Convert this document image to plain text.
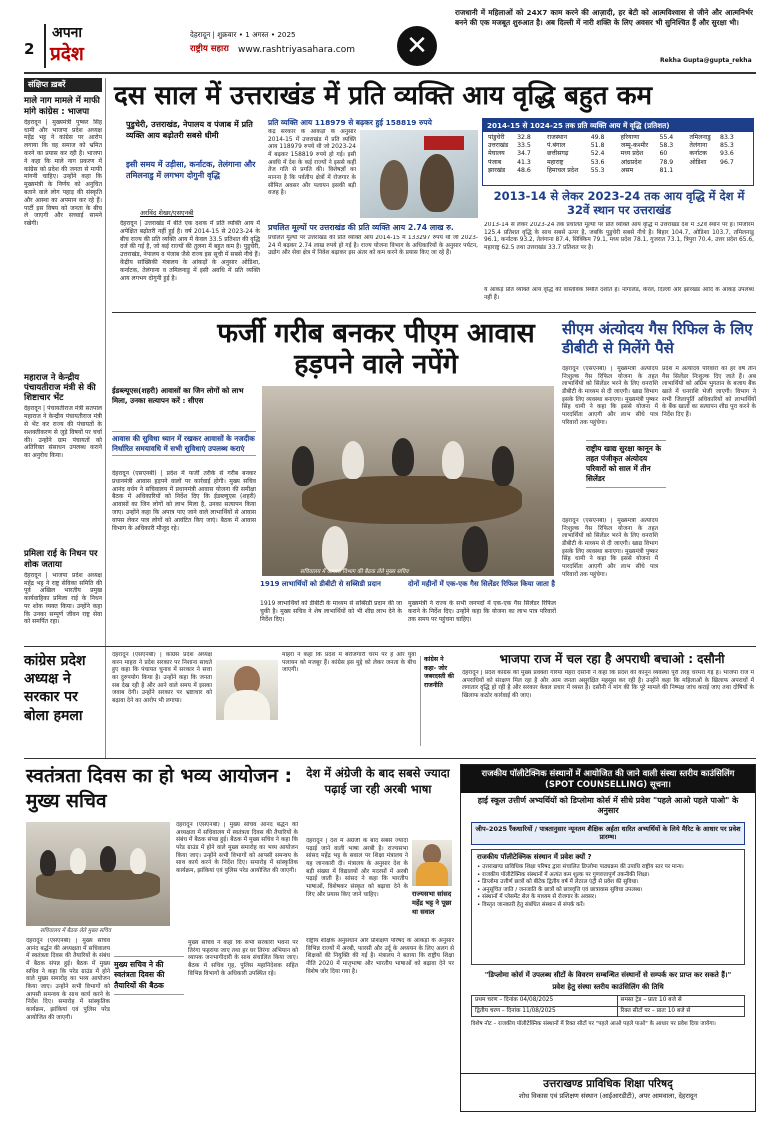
2
अपना
प्रदेश
देहरादून | शुक्रवार • 1 अगस्त • 2025
राष्ट्रीय सहारा www.rashtriyasahara.com	✕
राजधानी में महिलाओं को 24X7 काम करने की आज़ादी, हर बेटी को आत्मविश्वास से जीने और आत्मनिर्भर बनने की एक मजबूत शुरुआत है। अब दिल्ली में नारी शक्ति के लिए अवसर भी सुनिश्चित हैं और सुरक्षा भी।
Rekha Gupta@gupta_rekha
संक्षिप्त ख़बरें
माले नाग मामले में माफी मांगे कांग्रेस : भाजपा
देहरादून | मुख्यमंत्री पुष्कर सिंह धामी और भाजपा प्रदेश अध्यक्ष महेंद्र भट्ट ने कांग्रेस पर आरोप लगाया कि वह समाज को भ्रमित करने का प्रयास कर रही है। भाजपा ने कहा कि माले नाग प्रकरण में कांग्रेस को प्रदेश की जनता से माफी मांगनी चाहिए। उन्होंने कहा कि मुख्यमंत्री के निर्णय को अनुचित बताने वाले लोग पहाड़ की संस्कृति और आस्था का अपमान कर रहे हैं। पार्टी इस विषय को जनता के बीच ले जाएगी और सच्चाई सामने रखेगी।
महाराज ने केन्द्रीय पंचायतीराज मंत्री से की शिष्टाचार भेंट
देहरादून | पंचायतीराज मंत्री सतपाल महाराज ने केन्द्रीय पंचायतीराज मंत्री से भेंट कर राज्य की पंचायतों के सशक्तीकरण से जुड़े विषयों पर चर्चा की। उन्होंने ग्राम पंचायतों को अतिरिक्त संसाधन उपलब्ध कराने का अनुरोध किया।
प्रमिला राई के निधन पर शोक जताया
देहरादून | भाजपा प्रदेश अध्यक्ष महेंद्र भट्ट ने राष्ट्र सेविका समिति की पूर्व अखिल भारतीय प्रमुख कार्यवाहिका प्रमिला राई के निधन पर शोक व्यक्त किया। उन्होंने कहा कि उनका सम्पूर्ण जीवन राष्ट्र सेवा को समर्पित रहा।
दस साल में उत्तराखंड में प्रति व्यक्ति आय वृद्धि बहुत कम
पुडुचेरी, उत्तराखंड, नेपालय व पंजाब में प्रति व्यक्ति आय बढ़ोतरी सबसे धीमी
इसी समय में उड़ीसा, कर्नाटक, तेलंगाना और तमिलनाडु में लगभग दोगुनी वृद्धि
अरविंद शेखर/एसएनबी
देहरादून | उत्तराखंड में बीते एक दशक में प्रति व्यक्ति आय में अपेक्षित बढ़ोतरी नहीं हुई है। वर्ष 2014-15 से 2023-24 के बीच राज्य की प्रति व्यक्ति आय में केवल 33.5 प्रतिशत की वृद्धि दर्ज की गई है, जो कई राज्यों की तुलना में बहुत कम है। पुडुचेरी, उत्तराखंड, नेपालय व पंजाब जैसे राज्य इस सूची में सबसे नीचे हैं। केंद्रीय सांख्यिकी मंत्रालय के आंकड़ों के अनुसार ओडिशा, कर्नाटक, तेलंगाना व तमिलनाडु में इसी अवधि में प्रति व्यक्ति आय लगभग दोगुनी हुई है।
प्रति व्यक्ति आय 118979 से बढ़कर हुई 158819 रुपये
केंद्र सरकार के आंकड़ों के अनुसार 2014-15 में उत्तराखंड में प्रति व्यक्ति आय 118979 रुपये थी जो 2023-24 में बढ़कर 158819 रुपये हो गई। इसी अवधि में देश के कई राज्यों ने इससे कहीं तेज गति से प्रगति की। विशेषज्ञों का मानना है कि पर्वतीय क्षेत्रों में रोजगार के सीमित अवसर और पलायन इसकी बड़ी वजह है।
प्रचलित मूल्यों पर उत्तराखंड की प्रति व्यक्ति आय 2.74 लाख रु.
प्रचलित मूल्यों पर उत्तराखंड की प्रति व्यक्ति आय 2014-15 में 133297 रुपये थी जो 2023-24 में बढ़कर 2.74 लाख रुपये हो गई है। राज्य योजना विभाग के अधिकारियों के अनुसार पर्यटन, उद्योग और सेवा क्षेत्र में निवेश बढ़ाकर इस अंतर को कम करने के प्रयास किए जा रहे हैं।
2014-15 से 1024-25 तक प्रति व्यक्ति आय में वृद्धि (प्रतिशत)
पांडुचेरी	32.8	राजस्थान	49.8	हरियाणा	55.4	तमिलनाडु	83.3
उत्तराखंड	33.5	पं.बंगाल	51.8	जम्मू-कश्मीर	58.3	तेलंगाना	85.3
मेघालय	34.7	छत्तीसगढ़	52.4	मध्य प्रदेश	60	कर्नाटक	93.6
पंजाब	41.3	महाराष्ट्र	53.6	आंध्रप्रदेश	78.9	ओडिशा	96.7
झारखंड	48.6	हिमाचल प्रदेश	55.3	असम	81.1		
2013-14 से लेकर 2023-24 तक आय वृद्धि में देश में 32वें स्थान पर उत्तराखंड
2013-14 से लेकर 2023-24 तक प्रचलित मूल्यों पर प्रति व्यक्ति आय वृद्धि में उत्तराखंड देश में 32वें स्थान पर है। मिजोरम 125.4 प्रतिशत वृद्धि के साथ सबसे ऊपर है, जबकि पुडुचेरी सबसे नीचे है। बिहार 104.7, ओडिशा 103.7, तमिलनाडु 96.1, कर्नाटक 93.2, तेलंगाना 87.4, सिक्किम 79.1, मध्य प्रदेश 78.1, गुजरात 73.1, त्रिपुरा 70.4, उत्तर प्रदेश 65.6, महाराष्ट्र 62.5 तथा उत्तराखंड 33.7 प्रतिशत पर है।
ये आंकड़े प्रति व्यक्ति आय वृद्धि की वास्तविक स्थिति दर्शाते हैं। नागालैंड, केरल, दिल्ली और झारखंड आदि के आंकड़े उपलब्ध नहीं हैं।
फर्जी गरीब बनकर पीएम आवास हड़पने वाले नपेंगे
ईडब्ल्यूएस(शहरी) आवासों का जिन लोगों को लाभ मिला, उनका सत्यापन करें : सीएस
आवास की सुविधा ध्यान में रखकर आवासों के नजदीक निर्धारित समयावधि में सभी सुविधाएं उपलब्ध कराएं
देहरादून (एसएनबी) | प्रदेश में फर्जी तरीके से गरीब बनकर प्रधानमंत्री आवास हड़पने वालों पर कार्रवाई होगी। मुख्य सचिव आनंद वर्धन ने सचिवालय में प्रधानमंत्री आवास योजना की समीक्षा बैठक में अधिकारियों को निर्देश दिए कि ईडब्ल्यूएस (शहरी) आवासों का जिन लोगों को लाभ मिला है, उनका सत्यापन किया जाए। उन्होंने कहा कि अपात्र पाए जाने वाले लाभार्थियों से आवास वापस लेकर पात्र लोगों को आवंटित किए जाएं। बैठक में आवास विभाग के अधिकारी मौजूद रहे।
सचिवालय में आवास विभाग की बैठक लेते मुख्य सचिव
1919 लाभार्थियों को डीबीटी से सब्सिडी प्रदान
1919 लाभार्थियों को डीबीटी के माध्यम से सब्सिडी प्रदान की जा चुकी है। मुख्य सचिव ने शेष लाभार्थियों को भी शीघ्र लाभ देने के निर्देश दिए।
दोनों महीनों में एक-एक गैस सिलेंडर रिफिल किया जाता है
मुख्यमंत्री ने राज्य के सभी जनपदों में एक-एक गैस सिलेंडर रिफिल कराने के निर्देश दिए। उन्होंने कहा कि योजना का लाभ पात्र परिवारों तक समय पर पहुंचना चाहिए।
सीएम अंत्योदय गैस रिफिल के लिए डीबीटी से मिलेंगे पैसे
देहरादून (एसएनबी) | मुख्यमंत्री अंत्योदय निःशुल्क गैस रिफिल योजना के तहत लाभार्थियों को सिलेंडर भरने के लिए धनराशि डीबीटी के माध्यम से दी जाएगी। खाद्य विभाग इसके लिए व्यवस्था बनाएगा। मुख्यमंत्री पुष्कर सिंह धामी ने कहा कि इससे योजना में पारदर्शिता आएगी और लाभ सीधे पात्र परिवारों तक पहुंचेगा।
राष्ट्रीय खाद्य सुरक्षा कानून के तहत पंजीकृत अंत्योदय परिवारों को साल में तीन सिलेंडर
प्रदेश में अंत्योदय परिवारों को हर वर्ष तीन गैस सिलेंडर निःशुल्क दिए जाते हैं। अब लाभार्थियों को अग्रिम भुगतान के बजाय बैंक खाते में धनराशि भेजी जाएगी। विभाग ने सभी जिलापूर्ति अधिकारियों को लाभार्थियों के बैंक खातों का सत्यापन शीघ्र पूरा करने के निर्देश दिए हैं।
देहरादून (एसएनबी) | मुख्यमंत्री अंत्योदय निःशुल्क गैस रिफिल योजना के तहत लाभार्थियों को सिलेंडर भरने के लिए धनराशि डीबीटी के माध्यम से दी जाएगी। खाद्य विभाग इसके लिए व्यवस्था बनाएगा। मुख्यमंत्री पुष्कर सिंह धामी ने कहा कि इससे योजना में पारदर्शिता आएगी और लाभ सीधे पात्र परिवारों तक पहुंचेगा।
कांग्रेस प्रदेश अध्यक्ष ने सरकार पर बोला हमला
देहरादून (एसएनबी) | कांग्रेस प्रदेश अध्यक्ष करन माहरा ने प्रदेश सरकार पर निशाना साधते हुए कहा कि पंचायत चुनाव में सरकार ने सत्ता का दुरुपयोग किया है। उन्होंने कहा कि जनता सब देख रही है और आने वाले समय में इसका जवाब देगी। उन्होंने सरकार पर भ्रष्टाचार को बढ़ावा देने का आरोप भी लगाया।
माहरा ने कहा कि प्रदेश में बेरोजगारी चरम पर है और युवा पलायन को मजबूर हैं। कांग्रेस इस मुद्दे को लेकर जनता के बीच जाएगी।
कांग्रेस ने कहा- जोर जबरदस्ती की राजनीति
भाजपा राज में चल रहा है अपराधी बचाओ : दसौनी
देहरादून | प्रदेश कांग्रेस की मुख्य प्रवक्ता गरिमा मेहरा दसौनी ने कहा कि प्रदेश की कानून व्यवस्था पूरी तरह चरमरा गई है। भाजपा राज में अपराधियों को संरक्षण मिल रहा है और आम जनता असुरक्षित महसूस कर रही है। उन्होंने कहा कि महिलाओं के खिलाफ अपराधों में लगातार वृद्धि हो रही है और सरकार केवल प्रचार में व्यस्त है। दसौनी ने मांग की कि पूरे मामले की निष्पक्ष जांच कराई जाए तथा दोषियों के खिलाफ कठोर कार्रवाई की जाए।
स्वतंत्रता दिवस का हो भव्य आयोजन : मुख्य सचिव
सचिवालय में बैठक लेते मुख्य सचिव
मुख्य सचिव ने की स्वतंत्रता दिवस की तैयारियों की बैठक
देहरादून (एसएनबी) | मुख्य सचिव आनंद बर्द्धन की अध्यक्षता में सचिवालय में स्वतंत्रता दिवस की तैयारियों के संबंध में बैठक संपन्न हुई। बैठक में मुख्य सचिव ने कहा कि परेड ग्राउंड में होने वाले मुख्य समारोह का भव्य आयोजन किया जाए। उन्होंने सभी विभागों को आपसी समन्वय के साथ कार्य करने के निर्देश दिए। समारोह में सांस्कृतिक कार्यक्रम, झांकियां एवं पुलिस परेड आयोजित की जाएगी।
मुख्य सचिव ने कहा कि सभी सरकारी भवनों पर तिरंगा फहराया जाए तथा हर घर तिरंगा अभियान को व्यापक जनभागीदारी के साथ संचालित किया जाए। बैठक में सचिव गृह, पुलिस महानिदेशक सहित विभिन्न विभागों के अधिकारी उपस्थित रहे।
देहरादून (एसएनबी) | मुख्य सचिव आनंद बर्द्धन की अध्यक्षता में सचिवालय में स्वतंत्रता दिवस की तैयारियों के संबंध में बैठक संपन्न हुई। बैठक में मुख्य सचिव ने कहा कि परेड ग्राउंड में होने वाले मुख्य समारोह का भव्य आयोजन किया जाए। उन्होंने सभी विभागों को आपसी समन्वय के साथ कार्य करने के निर्देश दिए। समारोह में सांस्कृतिक कार्यक्रम, झांकियां एवं पुलिस परेड आयोजित की जाएगी।
देश में अंग्रेजी के बाद सबसे ज्यादा पढ़ाई जा रही अरबी भाषा
देहरादून | देश में अंग्रेजी के बाद सबसे ज्यादा पढ़ाई जाने वाली भाषा अरबी है। राज्यसभा सांसद महेंद्र भट्ट के सवाल पर शिक्षा मंत्रालय ने यह जानकारी दी। मंत्रालय के अनुसार देश के बड़ी संख्या में विद्यालयों और मदरसों में अरबी पढ़ाई जाती है। सांसद ने कहा कि भारतीय भाषाओं, विशेषकर संस्कृत को बढ़ावा देने के लिए और प्रयास किए जाने चाहिए।	राज्यसभा सांसद महेंद्र भट्ट ने पूछा था सवाल
राष्ट्रीय शैक्षिक अनुसंधान और प्रशिक्षण परिषद के आंकड़ों के अनुसार विभिन्न राज्यों में अरबी, फारसी और उर्दू के अध्ययन के लिए अलग से शिक्षकों की नियुक्ति की गई है। मंत्रालय ने बताया कि राष्ट्रीय शिक्षा नीति 2020 में मातृभाषा और भारतीय भाषाओं को बढ़ावा देने पर विशेष जोर दिया गया है।
राजकीय पॉलीटेक्निक संस्थानों में आयोजित की जाने वाली संस्था स्तरीय काउंसिलिंग (SPOT COUNSELLING) सूचना।
हाई स्कूल उत्तीर्ण अभ्यर्थियों को डिप्लोमा कोर्स में सीधे प्रवेश "पहले आओ पहले पाओ" के अनुसार
जीप–2025 रैंकधारियों / पात्रतानुसार न्यूनतम शैक्षिक अर्हता धारित अभ्यर्थियों के लिये मैरिट के आधार पर प्रवेश प्रारम्भ।
राजकीय पॉलीटेक्निक संस्थान में प्रवेश क्यों ?
• उत्तराखण्ड प्राविधिक शिक्षा परिषद द्वारा संचालित डिप्लोमा पाठ्यक्रम की उपाधि राष्ट्रीय स्तर पर मान्य।
• राजकीय पॉलीटेक्निक संस्थानों में अत्यंत कम शुल्क पर गुणवत्तापूर्ण तकनीकी शिक्षा।
• डिप्लोमा उत्तीर्ण छात्रों को बीटेक द्वितीय वर्ष में लेटरल एंट्री से प्रवेश की सुविधा।
• अनुसूचित जाति / जनजाति के छात्रों को छात्रवृत्ति एवं छात्रावास सुविधा उपलब्ध।
• संस्थानों में प्लेसमेंट सेल के माध्यम से रोजगार के अवसर।
• विस्तृत जानकारी हेतु संबंधित संस्थान से संपर्क करें।
"डिप्लोमा कोर्स में उपलब्ध सीटों के विवरण सम्बन्धित संस्थानों से सम्पर्क कर प्राप्त कर सकते हैं।"
प्रवेश हेतु संस्था स्तरीय काउंसिलिंग की तिथि
प्रथम चरण – दिनांक 04/08/2025	समस्त ट्रेड – प्रातः 10 बजे से
द्वितीय चरण – दिनांक 11/08/2025	रिक्त सीटों पर – प्रातः 10 बजे से
विशेष नोट – राजकीय पॉलीटेक्निक संस्थानों में रिक्त सीटों पर "पहले आओ पहले पाओ" के आधार पर प्रवेश दिया जायेगा।
उत्तराखण्ड प्राविधिक शिक्षा परिषद्
शोध विकास एवं प्रशिक्षण संस्थान (आईआरडीटी), अपर आमवाला, देहरादून
